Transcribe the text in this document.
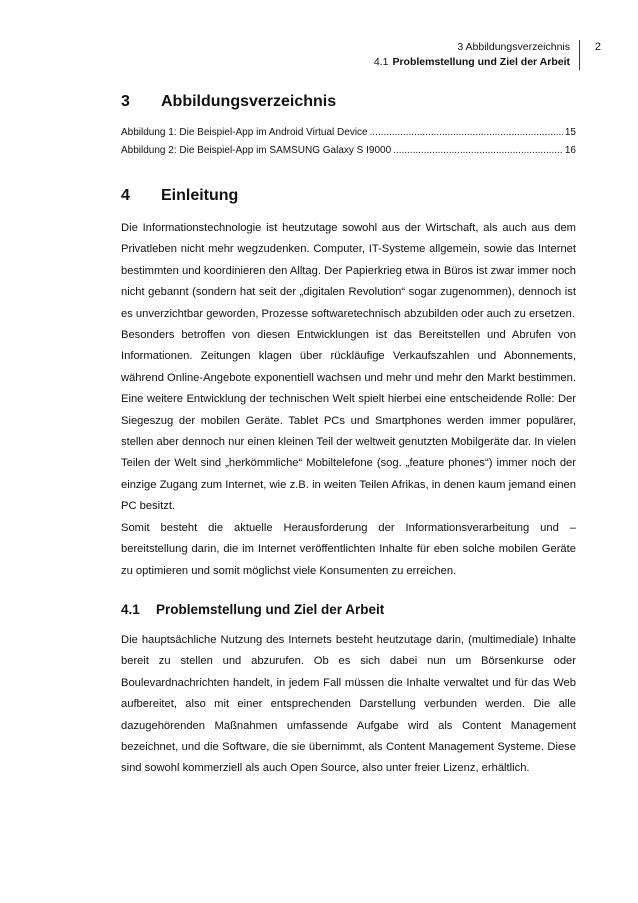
3 Abbildungsverzeichnis
4.1 Problemstellung und Ziel der Arbeit
2
3	Abbildungsverzeichnis
Abbildung 1: Die Beispiel-App im Android Virtual Device .....	15
Abbildung 2: Die Beispiel-App im SAMSUNG Galaxy S I9000 .....	16
4	Einleitung

Die Informationstechnologie ist heutzutage sowohl aus der Wirtschaft, als auch aus dem Privatleben nicht mehr wegzudenken. Computer, IT-Systeme allgemein, sowie das Internet bestimmten und koordinieren den Alltag. Der Papierkrieg etwa in Büros ist zwar immer noch nicht gebannt (sondern hat seit der „digitalen Revolution“ sogar zugenommen), dennoch ist es unverzichtbar geworden, Prozesse softwaretechnisch abzubilden oder auch zu ersetzen.

Besonders betroffen von diesen Entwicklungen ist das Bereitstellen und Abrufen von Informationen. Zeitungen klagen über rückläufige Verkaufszahlen und Abonnements, während Online-Angebote exponentiell wachsen und mehr und mehr den Markt bestimmen. Eine weitere Entwicklung der technischen Welt spielt hierbei eine entscheidende Rolle: Der Siegeszug der mobilen Geräte. Tablet PCs und Smartphones werden immer populärer, stellen aber dennoch nur einen kleinen Teil der weltweit genutzten Mobilgeräte dar. In vielen Teilen der Welt sind „herkömmliche“ Mobiltelefone (sog. „feature phones“) immer noch der einzige Zugang zum Internet, wie z.B. in weiten Teilen Afrikas, in denen kaum jemand einen PC besitzt.

Somit besteht die aktuelle Herausforderung der Informationsverarbeitung und –bereitstellung darin, die im Internet veröffentlichten Inhalte für eben solche mobilen Geräte zu optimieren und somit möglichst viele Konsumenten zu erreichen.

4.1	Problemstellung und Ziel der Arbeit

Die hauptsächliche Nutzung des Internets besteht heutzutage darin, (multimediale) Inhalte bereit zu stellen und abzurufen. Ob es sich dabei nun um Börsenkurse oder Boulevardnachrichten handelt, in jedem Fall müssen die Inhalte verwaltet und für das Web aufbereitet, also mit einer entsprechenden Darstellung verbunden werden. Die alle dazugehörenden Maßnahmen umfassende Aufgabe wird als Content Management bezeichnet, und die Software, die sie übernimmt, als Content Management Systeme. Diese sind sowohl kommerziell als auch Open Source, also unter freier Lizenz, erhältlich.
